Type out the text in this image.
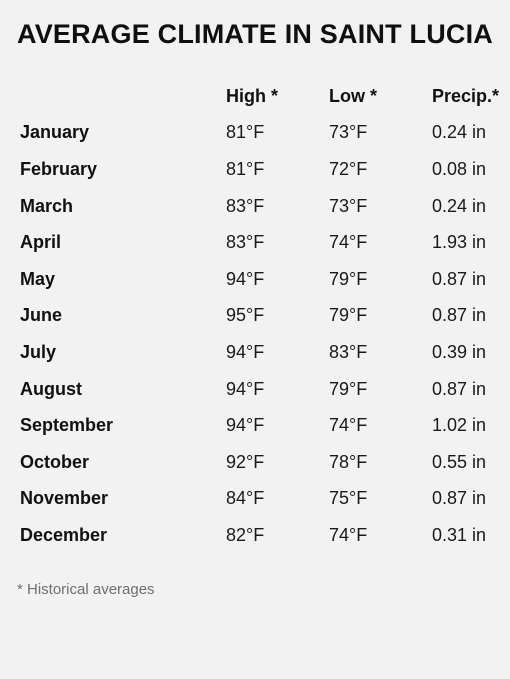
AVERAGE CLIMATE IN SAINT LUCIA
	High *	Low *	Precip.*
January	81°F	73°F	0.24 in
February	81°F	72°F	0.08 in
March	83°F	73°F	0.24 in
April	83°F	74°F	1.93 in
May	94°F	79°F	0.87 in
June	95°F	79°F	0.87 in
July	94°F	83°F	0.39 in
August	94°F	79°F	0.87 in
September	94°F	74°F	1.02 in
October	92°F	78°F	0.55 in
November	84°F	75°F	0.87 in
December	82°F	74°F	0.31 in
* Historical averages
